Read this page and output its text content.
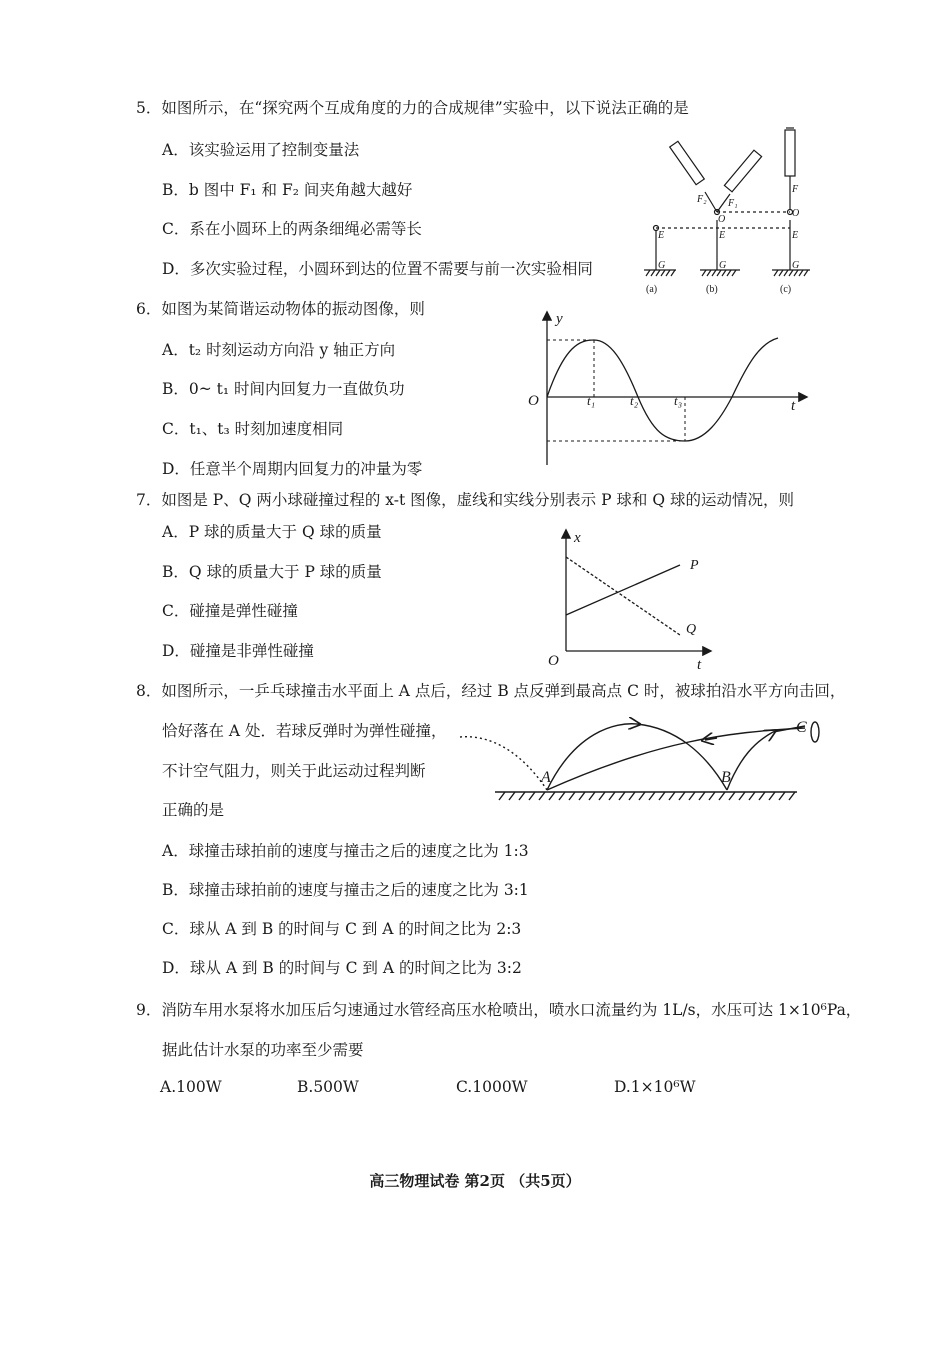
5．如图所示，在“探究两个互成角度的力的合成规律”实验中，以下说法正确的是
A．该实验运用了控制变量法
B．b 图中 F₁ 和 F₂ 间夹角越大越好
C．系在小圆环上的两条细绳必需等长
D．多次实验过程，小圆环到达的位置不需要与前一次实验相同
E
G
E
G
O
F₂ F₁
E
G
O
F
(a)	(b)	(c)
6．如图为某简谐运动物体的振动图像，则
A．t₂ 时刻运动方向沿 y 轴正方向
B．0~ t₁ 时间内回复力一直做负功
C．t₁、t₃ 时刻加速度相同
D．任意半个周期内回复力的冲量为零
y
O	t
t₁	t₂	t₃
7．如图是 P、Q 两小球碰撞过程的 x-t 图像，虚线和实线分别表示 P 球和 Q 球的运动情况，则
A．P 球的质量大于 Q 球的质量
B．Q 球的质量大于 P 球的质量
C．碰撞是弹性碰撞
D．碰撞是非弹性碰撞
x
O	t
P
Q
8．如图所示，一乒乓球撞击水平面上 A 点后，经过 B 点反弹到最高点 C 时，被球拍沿水平方向击回，
恰好落在 A 处．若球反弹时为弹性碰撞，
不计空气阻力，则关于此运动过程判断
正确的是
A．球撞击球拍前的速度与撞击之后的速度之比为 1:3
B．球撞击球拍前的速度与撞击之后的速度之比为 3:1
C．球从 A 到 B 的时间与 C 到 A 的时间之比为 2:3
D．球从 A 到 B 的时间与 C 到 A 的时间之比为 3:2
A	B
C
9．消防车用水泵将水加压后匀速通过水管经高压水枪喷出，喷水口流量约为 1L/s，水压可达 1×10⁶Pa，
据此估计水泵的功率至少需要
A.100W	B.500W	C.1000W	D.1×10⁶W
高三物理试卷 第2页 （共5页）
